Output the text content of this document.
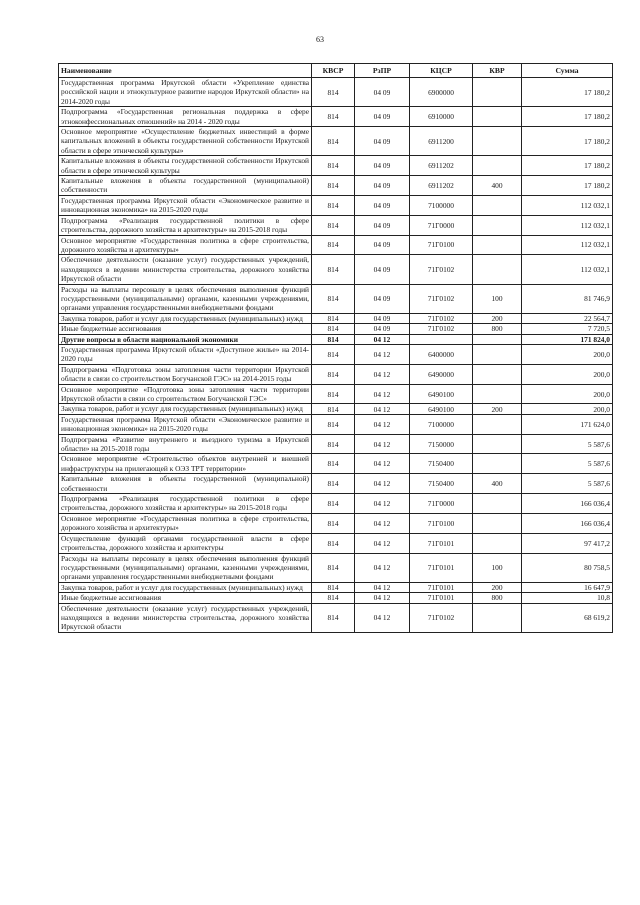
63
Наименование	КВСР	РзПР	КЦСР	КВР	Сумма
Государственная программа Иркутской области «Укрепление единства российской нации и этнокультурное развитие народов Иркутской области» на 2014-2020 годы	814	04 09	6900000		17 180,2
Подпрограмма «Государственная региональная поддержка в сфере этноконфессиональных отношений» на 2014 - 2020 годы	814	04 09	6910000		17 180,2
Основное мероприятие «Осуществление бюджетных инвестиций в форме капитальных вложений в объекты государственной собственности Иркутской области в сфере этнической культуры»	814	04 09	6911200		17 180,2
Капитальные вложения в объекты государственной собственности Иркутской области в сфере этнической культуры	814	04 09	6911202		17 180,2
Капитальные вложения в объекты государственной (муниципальной) собственности	814	04 09	6911202	400	17 180,2
Государственная программа Иркутской области «Экономическое развитие и инновационная экономика» на 2015-2020 годы	814	04 09	7100000		112 032,1
Подпрограмма «Реализация государственной политики в сфере строительства, дорожного хозяйства и архитектуры» на 2015-2018 годы	814	04 09	71Г0000		112 032,1
Основное мероприятие «Государственная политика в сфере строительства, дорожного хозяйства и архитектуры»	814	04 09	71Г0100		112 032,1
Обеспечение деятельности (оказание услуг) государственных учреждений, находящихся в ведении министерства строительства, дорожного хозяйства Иркутской области	814	04 09	71Г0102		112 032,1
Расходы на выплаты персоналу в целях обеспечения выполнения функций государственными (муниципальными) органами, казенными учреждениями, органами управления государственными внебюджетными фондами	814	04 09	71Г0102	100	81 746,9
Закупка товаров, работ и услуг для государственных (муниципальных) нужд	814	04 09	71Г0102	200	22 564,7
Иные бюджетные ассигнования	814	04 09	71Г0102	800	7 720,5
Другие вопросы в области национальной экономики	814	04 12			171 824,0
Государственная программа Иркутской области «Доступное жилье» на 2014-2020 годы	814	04 12	6400000		200,0
Подпрограмма «Подготовка зоны затопления части территории Иркутской области в связи со строительством Богучанской ГЭС» на 2014-2015 годы	814	04 12	6490000		200,0
Основное мероприятие «Подготовка зоны затопления части территории Иркутской области в связи со строительством Богучанской ГЭС»	814	04 12	6490100		200,0
Закупка товаров, работ и услуг для государственных (муниципальных) нужд	814	04 12	6490100	200	200,0
Государственная программа Иркутской области «Экономическое развитие и инновационная экономика» на 2015-2020 годы	814	04 12	7100000		171 624,0
Подпрограмма «Развитие внутреннего и въездного туризма в Иркутской области» на 2015-2018 годы	814	04 12	7150000		5 587,6
Основное мероприятие «Строительство объектов внутренней и внешней инфраструктуры на прилегающей к ОЭЗ ТРТ территории»	814	04 12	7150400		5 587,6
Капитальные вложения в объекты государственной (муниципальной) собственности	814	04 12	7150400	400	5 587,6
Подпрограмма «Реализация государственной политики в сфере строительства, дорожного хозяйства и архитектуры» на 2015-2018 годы	814	04 12	71Г0000		166 036,4
Основное мероприятие «Государственная политика в сфере строительства, дорожного хозяйства и архитектуры»	814	04 12	71Г0100		166 036,4
Осуществление функций органами государственной власти в сфере строительства, дорожного хозяйства и архитектуры	814	04 12	71Г0101		97 417,2
Расходы на выплаты персоналу в целях обеспечения выполнения функций государственными (муниципальными) органами, казенными учреждениями, органами управления государственными внебюджетными фондами	814	04 12	71Г0101	100	80 758,5
Закупка товаров, работ и услуг для государственных (муниципальных) нужд	814	04 12	71Г0101	200	16 647,9
Иные бюджетные ассигнования	814	04 12	71Г0101	800	10,8
Обеспечение деятельности (оказание услуг) государственных учреждений, находящихся в ведении министерства строительства, дорожного хозяйства Иркутской области	814	04 12	71Г0102		68 619,2
